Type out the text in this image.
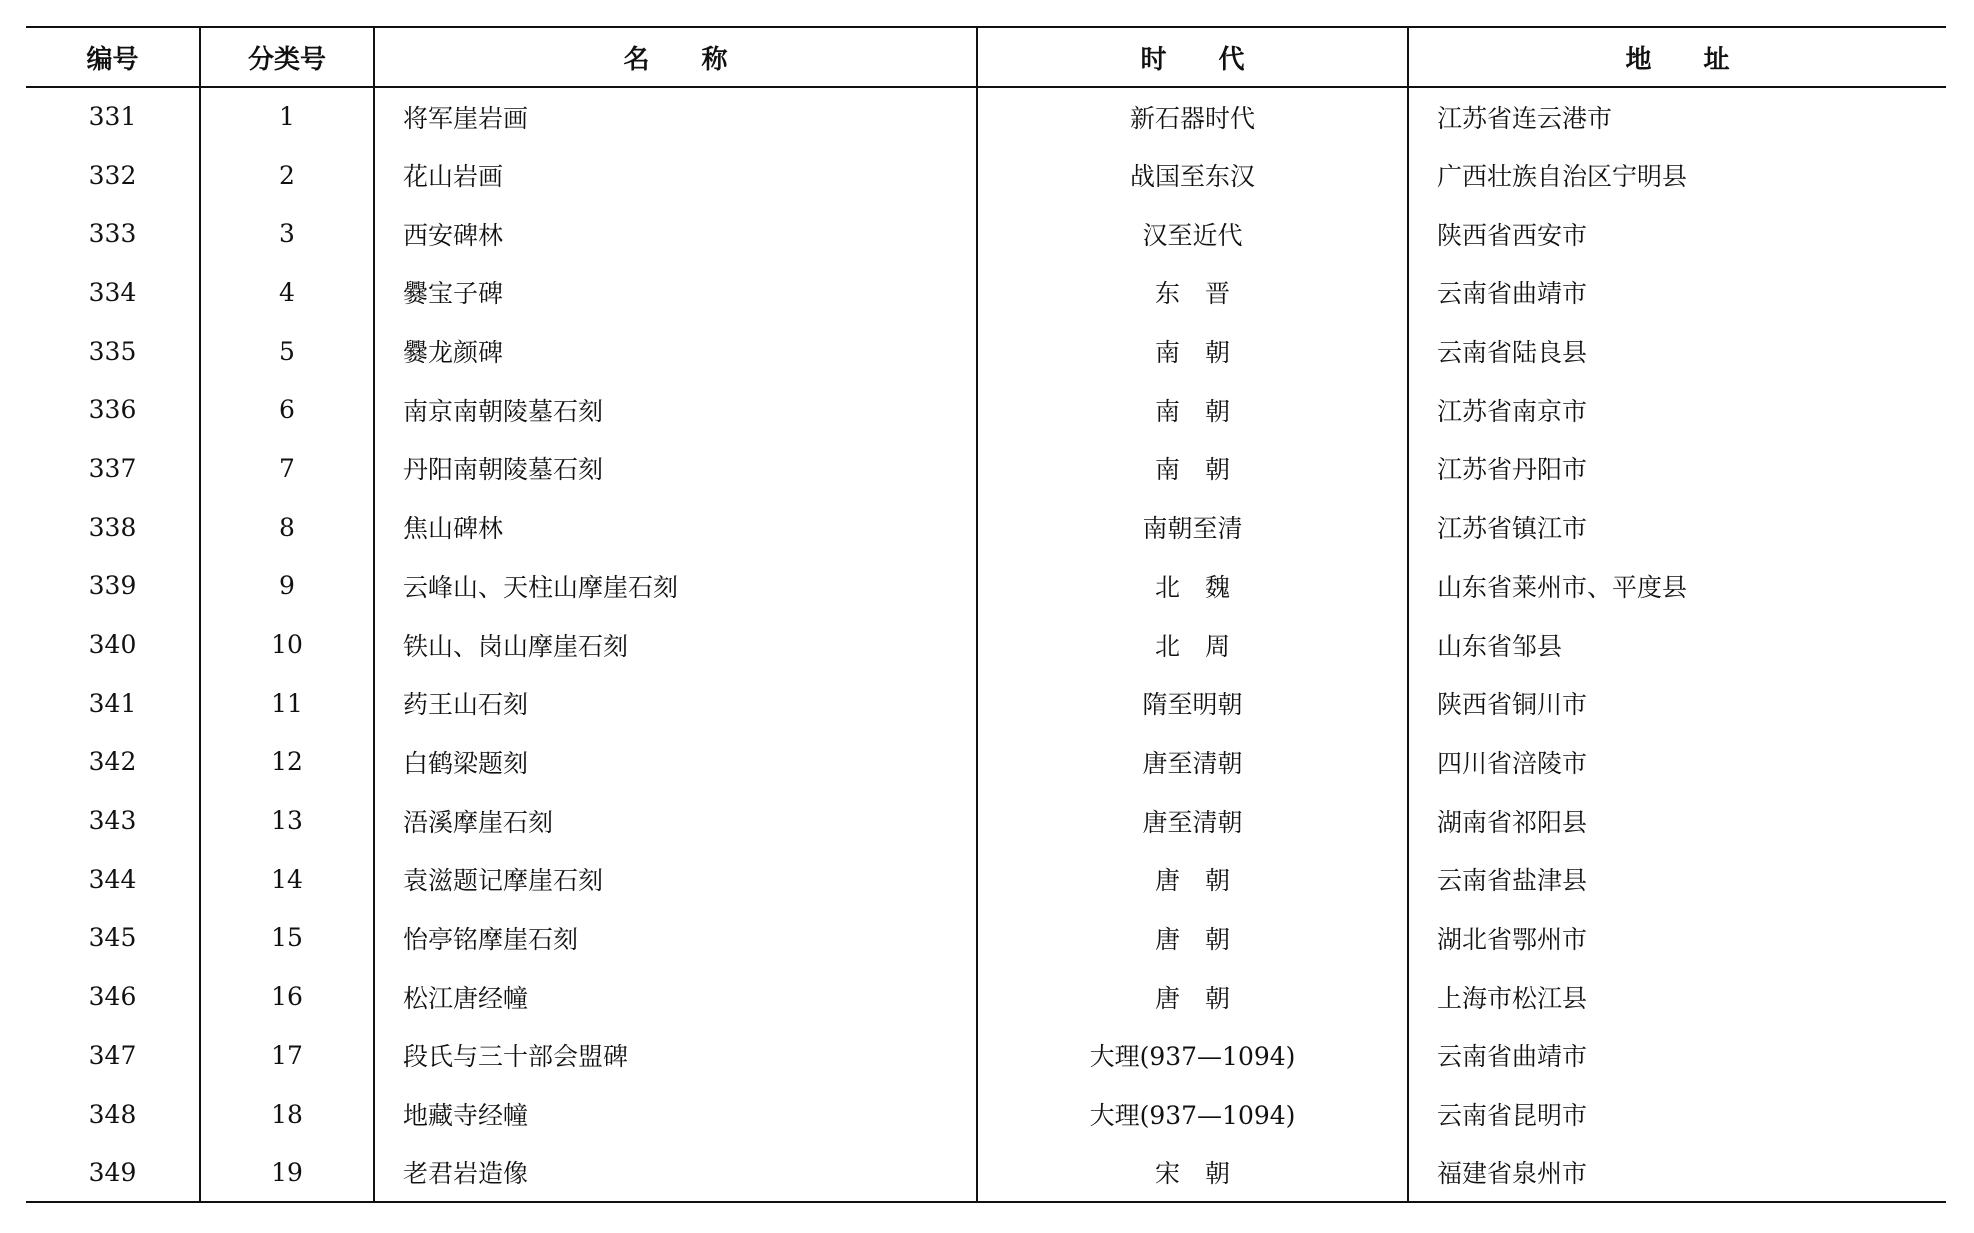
编号	分类号	名　　称	时　　代	地　　址
331	1	将军崖岩画	新石器时代	江苏省连云港市
332	2	花山岩画	战国至东汉	广西壮族自治区宁明县
333	3	西安碑林	汉至近代	陕西省西安市
334	4	爨宝子碑	东　晋	云南省曲靖市
335	5	爨龙颜碑	南　朝	云南省陆良县
336	6	南京南朝陵墓石刻	南　朝	江苏省南京市
337	7	丹阳南朝陵墓石刻	南　朝	江苏省丹阳市
338	8	焦山碑林	南朝至清	江苏省镇江市
339	9	云峰山、天柱山摩崖石刻	北　魏	山东省莱州市、平度县
340	10	铁山、岗山摩崖石刻	北　周	山东省邹县
341	11	药王山石刻	隋至明朝	陕西省铜川市
342	12	白鹤梁题刻	唐至清朝	四川省涪陵市
343	13	浯溪摩崖石刻	唐至清朝	湖南省祁阳县
344	14	袁滋题记摩崖石刻	唐　朝	云南省盐津县
345	15	怡亭铭摩崖石刻	唐　朝	湖北省鄂州市
346	16	松江唐经幢	唐　朝	上海市松江县
347	17	段氏与三十部会盟碑	大理(937—1094)	云南省曲靖市
348	18	地藏寺经幢	大理(937—1094)	云南省昆明市
349	19	老君岩造像	宋　朝	福建省泉州市
